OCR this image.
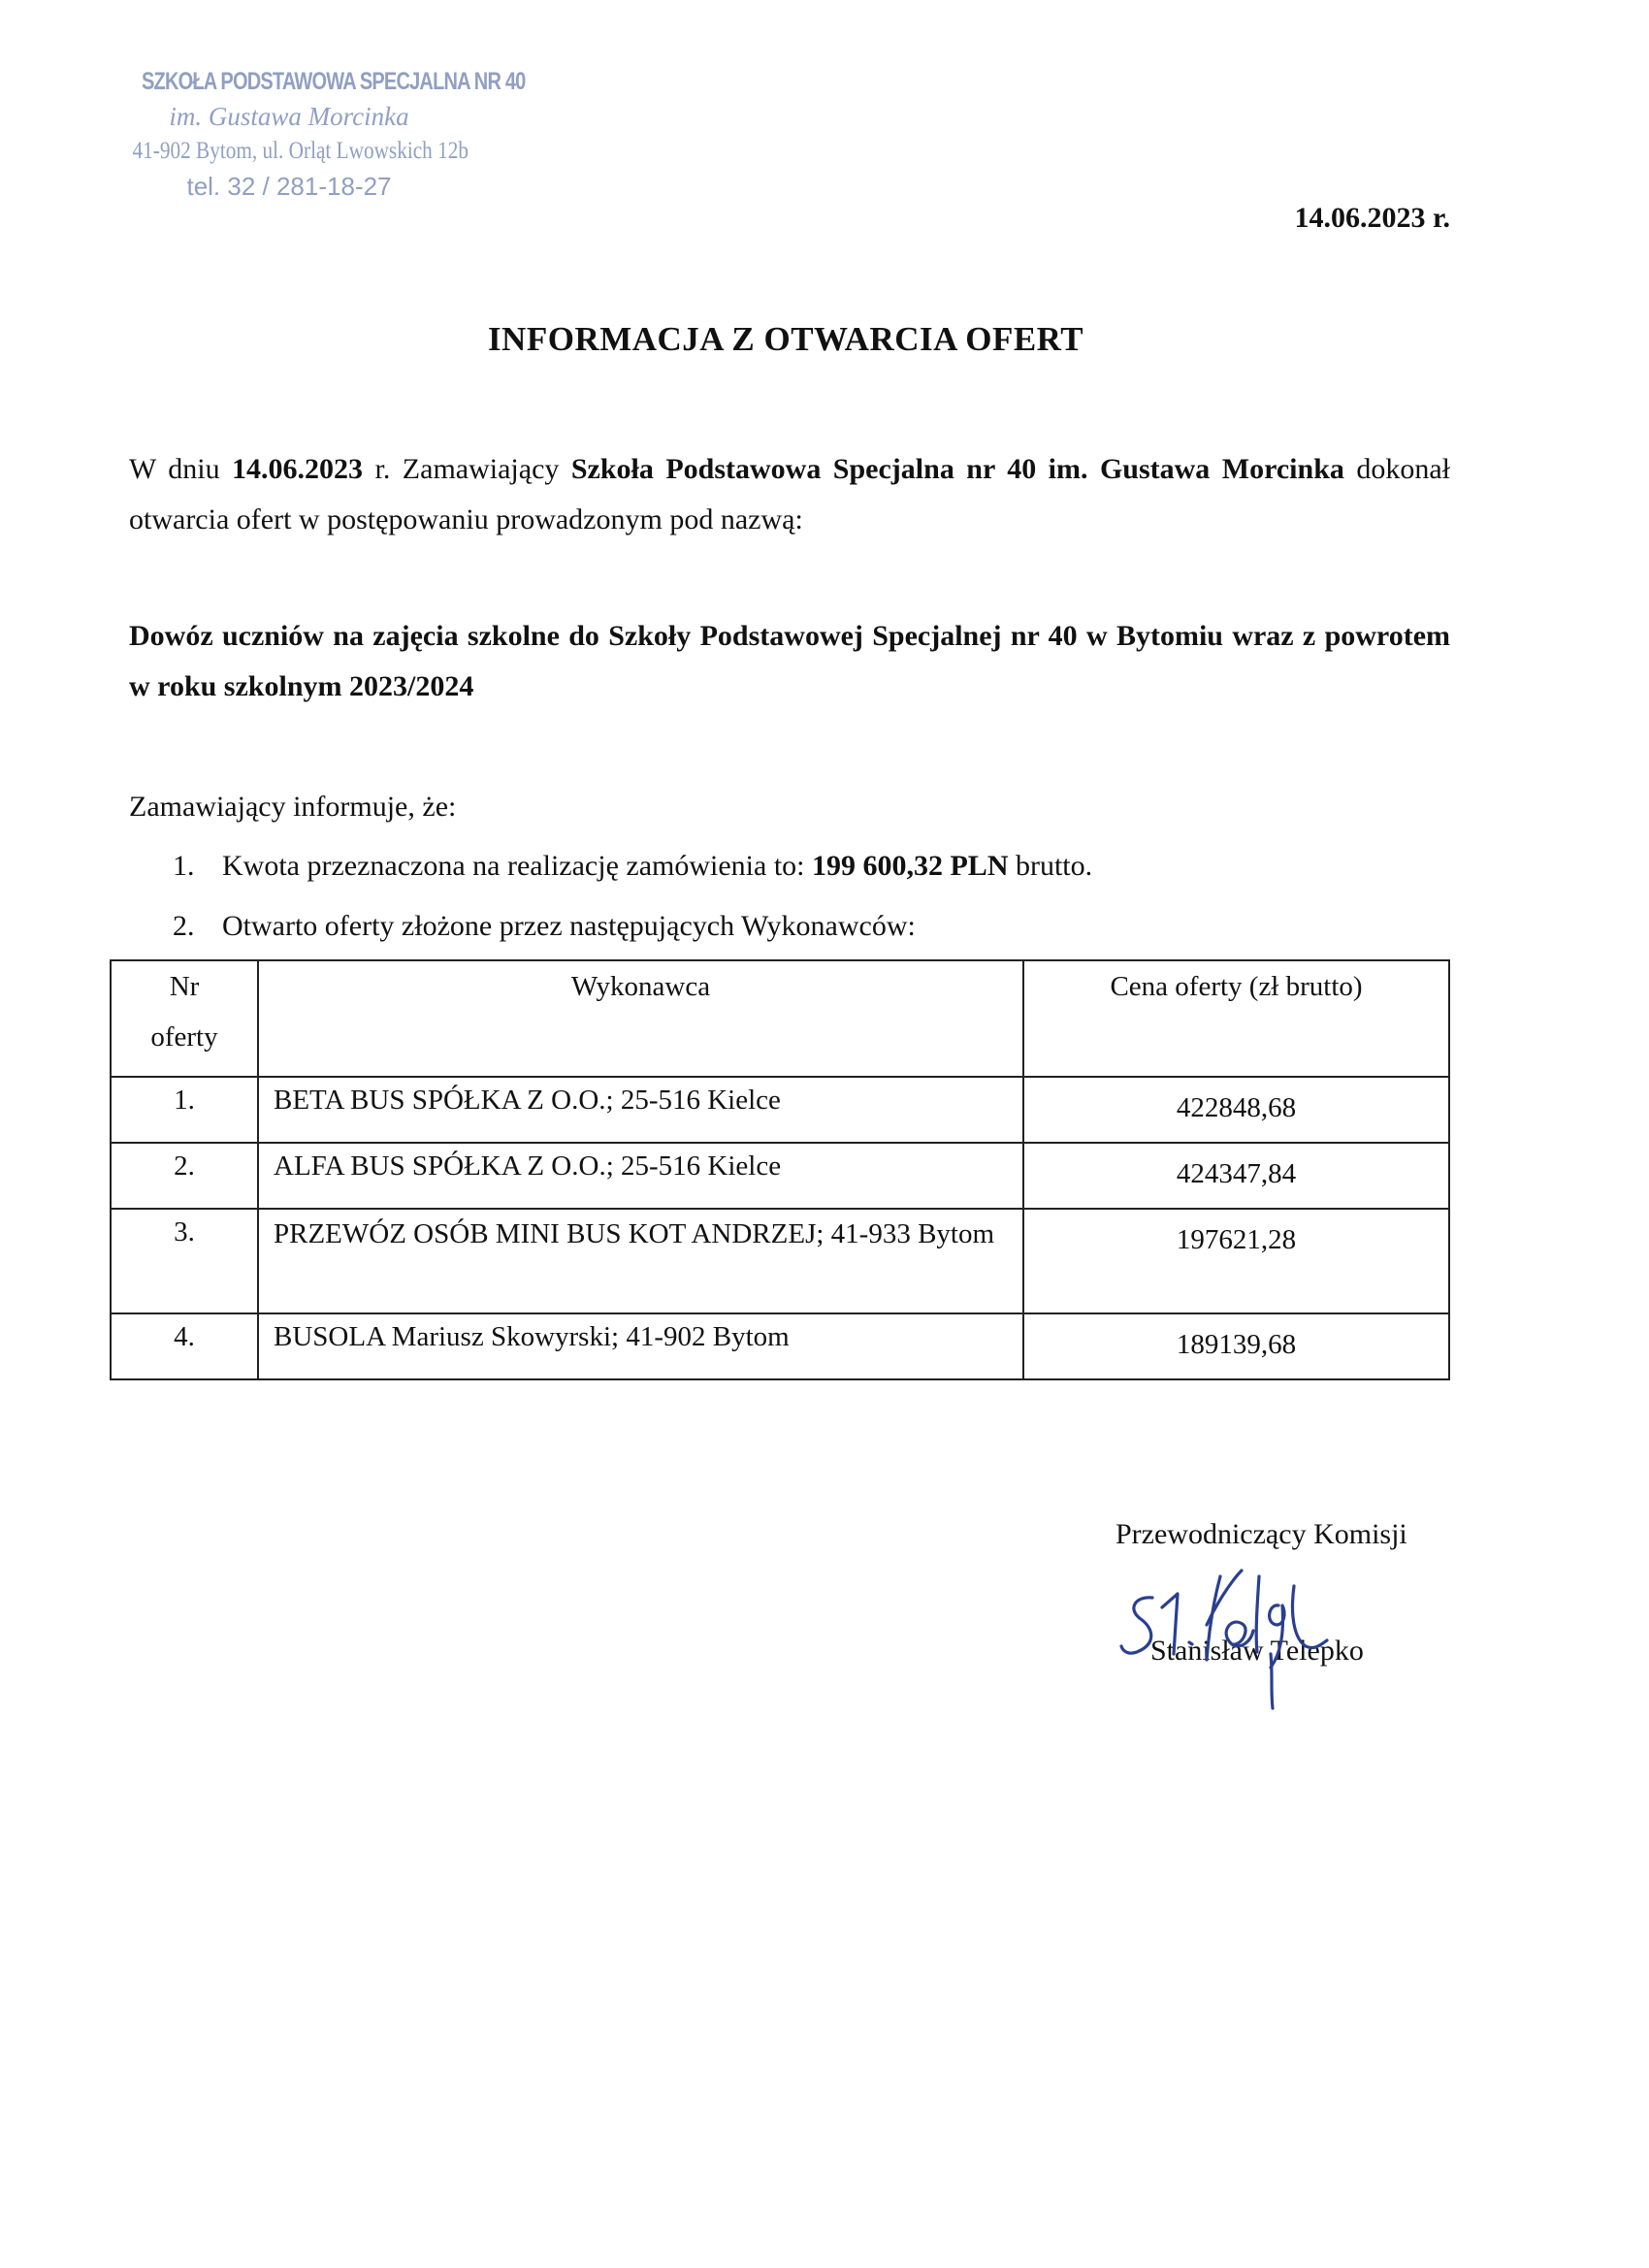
SZKOŁA PODSTAWOWA SPECJALNA NR 40
im. Gustawa Morcinka
41-902 Bytom, ul. Orląt Lwowskich 12b
tel. 32 / 281-18-27
14.06.2023 r.
INFORMACJA Z OTWARCIA OFERT
W dniu 14.06.2023 r. Zamawiający Szkoła Podstawowa Specjalna nr 40 im. Gustawa Morcinka dokonał otwarcia ofert w postępowaniu prowadzonym pod nazwą:
Dowóz uczniów na zajęcia szkolne do Szkoły Podstawowej Specjalnej nr 40 w Bytomiu wraz z powrotem w roku szkolnym 2023/2024
Zamawiający informuje, że:
1. Kwota przeznaczona na realizację zamówienia to: 199 600,32 PLN brutto.
2. Otwarto oferty złożone przez następujących Wykonawców:
Nr
oferty	Wykonawca	Cena oferty (zł brutto)
1.	BETA BUS SPÓŁKA Z O.O.; 25-516 Kielce	422848,68
2.	ALFA BUS SPÓŁKA Z O.O.; 25-516 Kielce	424347,84
3.	PRZEWÓZ OSÓB MINI BUS KOT ANDRZEJ; 41-933 Bytom	197621,28
4.	BUSOLA Mariusz Skowyrski; 41-902 Bytom	189139,68
Przewodniczący Komisji
Stanisław Telepko
